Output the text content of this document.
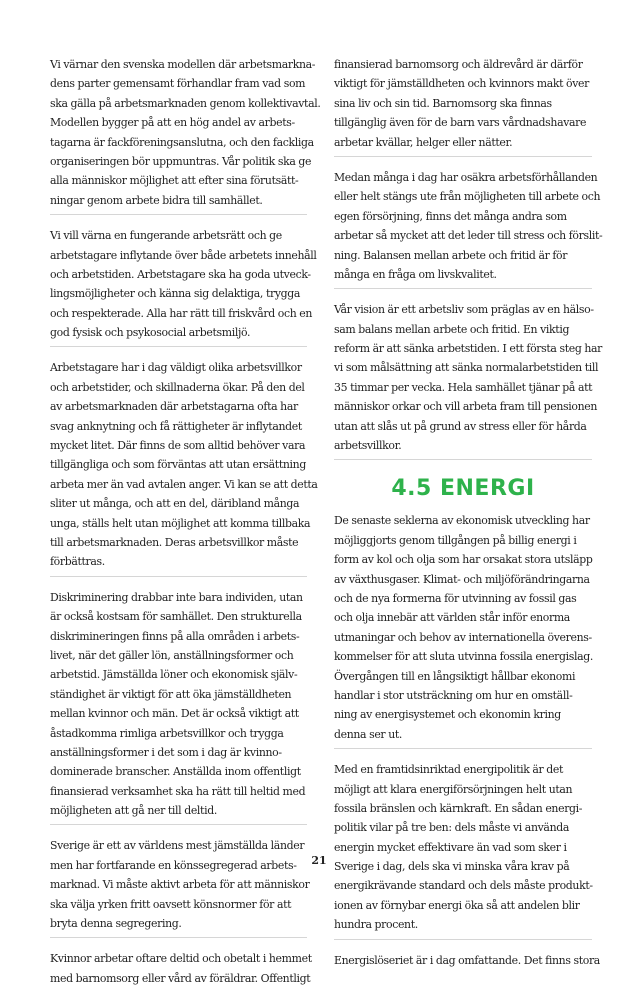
Vi värnar den svenska modellen där arbetsmarkna-
dens parter gemensamt förhandlar fram vad som
ska gälla på arbetsmarknaden genom kollektivavtal.
Modellen bygger på att en hög andel av arbets-
tagarna är fackföreningsanslutna, och den fackliga
organiseringen bör uppmuntras. Vår politik ska ge
alla människor möjlighet att efter sina förutsätt-
ningar genom arbete bidra till samhället.
Vi vill värna en fungerande arbetsrätt och ge
arbetstagare inflytande över både arbetets innehåll
och arbetstiden. Arbetstagare ska ha goda utveck-
lingsmöjligheter och känna sig delaktiga, trygga
och respekterade. Alla har rätt till friskvård och en
god fysisk och psykosocial arbetsmiljö.
Arbetstagare har i dag väldigt olika arbetsvillkor
och arbetstider, och skillnaderna ökar. På den del
av arbetsmarknaden där arbetstagarna ofta har
svag anknytning och få rättigheter är inflytandet
mycket litet. Där finns de som alltid behöver vara
tillgängliga och som förväntas att utan ersättning
arbeta mer än vad avtalen anger. Vi kan se att detta
sliter ut många, och att en del, däribland många
unga, ställs helt utan möjlighet att komma tillbaka
till arbetsmarknaden. Deras arbetsvillkor måste
förbättras.
Diskriminering drabbar inte bara individen, utan
är också kostsam för samhället. Den strukturella
diskrimineringen finns på alla områden i arbets-
livet, när det gäller lön, anställningsformer och
arbetstid. Jämställda löner och ekonomisk själv-
ständighet är viktigt för att öka jämställdheten
mellan kvinnor och män. Det är också viktigt att
åstadkomma rimliga arbetsvillkor och trygga
anställningsformer i det som i dag är kvinno-
dominerade branscher. Anställda inom offentligt
finansierad verksamhet ska ha rätt till heltid med
möjligheten att gå ner till deltid.
Sverige är ett av världens mest jämställda länder
men har fortfarande en könssegregerad arbets-
marknad. Vi måste aktivt arbeta för att människor
ska välja yrken fritt oavsett könsnormer för att
bryta denna segregering.
Kvinnor arbetar oftare deltid och obetalt i hemmet
med barnomsorg eller vård av föräldrar. Offentligt
finansierad barnomsorg och äldrevård är därför
viktigt för jämställdheten och kvinnors makt över
sina liv och sin tid. Barnomsorg ska finnas
tillgänglig även för de barn vars vårdnadshavare
arbetar kvällar, helger eller nätter.
Medan många i dag har osäkra arbetsförhållanden
eller helt stängs ute från möjligheten till arbete och
egen försörjning, finns det många andra som
arbetar så mycket att det leder till stress och förslit-
ning. Balansen mellan arbete och fritid är för
många en fråga om livskvalitet.
Vår vision är ett arbetsliv som präglas av en hälso-
sam balans mellan arbete och fritid. En viktig
reform är att sänka arbetstiden. I ett första steg har
vi som målsättning att sänka normalarbetstiden till
35 timmar per vecka. Hela samhället tjänar på att
människor orkar och vill arbeta fram till pensionen
utan att slås ut på grund av stress eller för hårda
arbetsvillkor.
4.5 ENERGI
De senaste seklerna av ekonomisk utveckling har
möjliggjorts genom tillgången på billig energi i
form av kol och olja som har orsakat stora utsläpp
av växthusgaser. Klimat- och miljöförändringarna
och de nya formerna för utvinning av fossil gas
och olja innebär att världen står inför enorma
utmaningar och behov av internationella överens-
kommelser för att sluta utvinna fossila energislag.
Övergången till en långsiktigt hållbar ekonomi
handlar i stor utsträckning om hur en omställ-
ning av energisystemet och ekonomin kring
denna ser ut.
Med en framtidsinriktad energipolitik är det
möjligt att klara energiförsörjningen helt utan
fossila bränslen och kärnkraft. En sådan energi-
politik vilar på tre ben: dels måste vi använda
energin mycket effektivare än vad som sker i
Sverige i dag, dels ska vi minska våra krav på
energikrävande standard och dels måste produkt-
ionen av förnybar energi öka så att andelen blir
hundra procent.
Energislöseriet är i dag omfattande. Det finns stora
21
